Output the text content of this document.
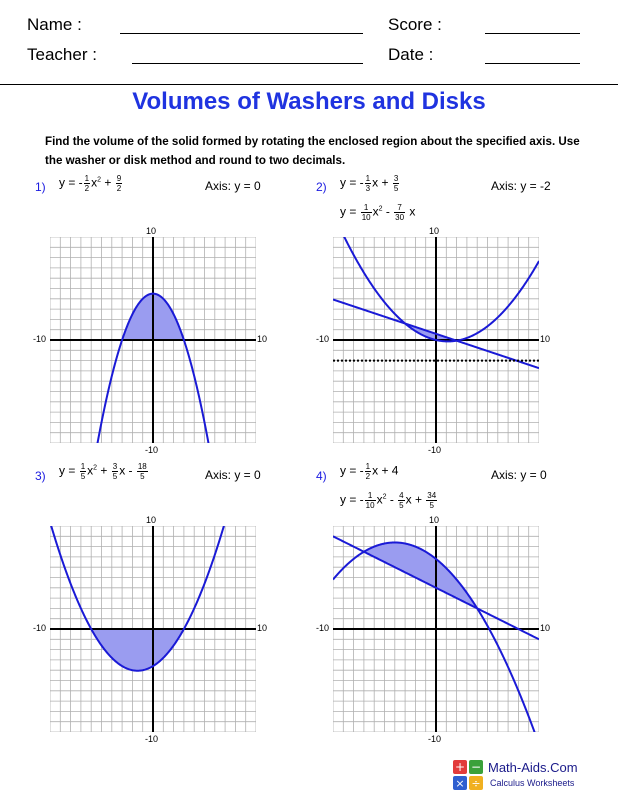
Name :	Score :
Teacher :	Date :
Volumes of Washers and Disks
Find the volume of the solid formed by rotating the enclosed region about the specified axis. Use the washer or disk method and round to two decimals.
1) y = - $\frac{1}{2} x^2 + \frac{9}{2}$	Axis: y = 0	2) y = - $\frac{1}{3}$ $x + \frac{3}{5}$	Axis: y = -2
$y = \frac{1}{10} x^2 - \frac{7}{30}$ x
3) $y = \frac{1}{5} x^2 + \frac{3}{5}$ x - $\frac{18}{5}$	Axis: y = 0	4) y = - $\frac{1}{2}$ x + 4	Axis: y = 0
y = - $\frac{1}{10} x^2 - \frac{4}{5}$ $x + \frac{34}{5}$
10
-10
-10	10
10
-10
-10	10
10
-10
-10	10
10
-10
-10	10
+ −
× ÷
Math-Aids.Com
Calculus Worksheets
